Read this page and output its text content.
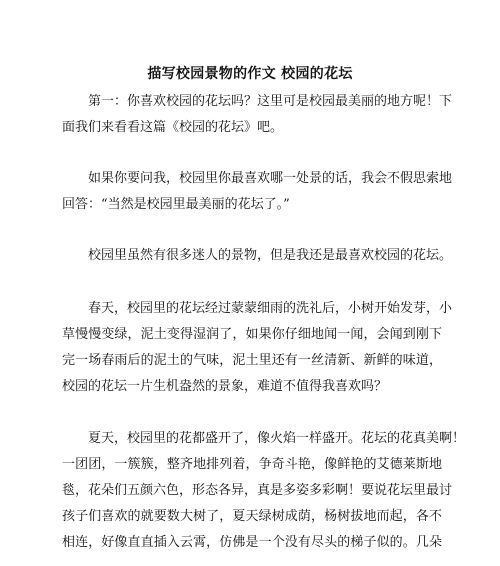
描写校园景物的作文 校园的花坛
第一：你喜欢校园的花坛吗？这里可是校园最美丽的地方呢！下
面我们来看看这篇《校园的花坛》吧。
如果你要问我，校园里你最喜欢哪一处景的话，我会不假思索地
回答：“当然是校园里最美丽的花坛了。”
校园里虽然有很多迷人的景物，但是我还是最喜欢校园的花坛。
春天，校园里的花坛经过蒙蒙细雨的洗礼后，小树开始发芽，小
草慢慢变绿，泥土变得湿润了，如果你仔细地闻一闻，会闻到刚下
完一场春雨后的泥土的气味，泥土里还有一丝清新、新鲜的味道，
校园的花坛一片生机盎然的景象，难道不值得我喜欢吗？
夏天，校园里的花都盛开了，像火焰一样盛开。花坛的花真美啊！
一团团，一簇簇，整齐地排列着，争奇斗艳，像鲜艳的艾德莱斯地
毯，花朵们五颜六色，形态各异，真是多姿多彩啊！要说花坛里最讨
孩子们喜欢的就要数大树了，夏天绿树成荫，杨树拔地而起，各不
相连，好像直直插入云霄，仿佛是一个没有尽头的梯子似的。几朵
